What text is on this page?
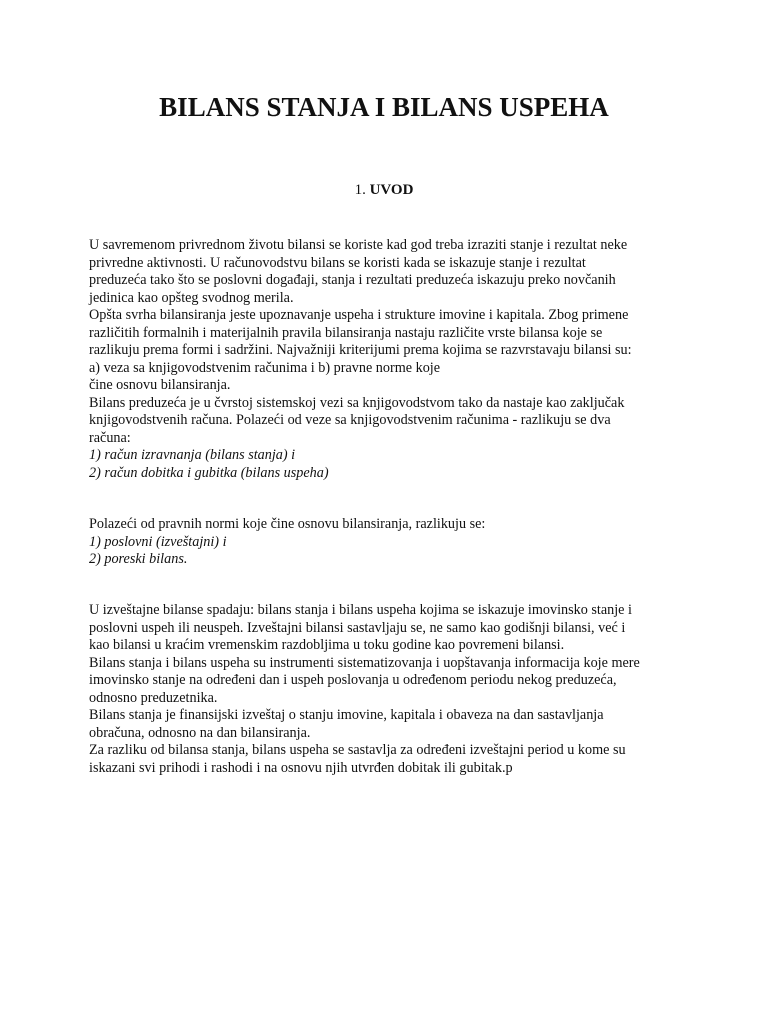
BILANS STANJA I BILANS USPEHA

1. UVOD

U savremenom privrednom životu bilansi se koriste kad god treba izraziti stanje i rezultat neke
privredne aktivnosti. U računovodstvu bilans se koristi kada se iskazuje stanje i rezultat
preduzeća tako što se poslovni događaji, stanja i rezultati preduzeća iskazuju preko novčanih
jedinica kao opšteg svodnog merila.
Opšta svrha bilansiranja jeste upoznavanje uspeha i strukture imovine i kapitala. Zbog primene
različitih formalnih i materijalnih pravila bilansiranja nastaju različite vrste bilansa koje se
razlikuju prema formi i sadržini. Najvažniji kriterijumi prema kojima se razvrstavaju bilansi su:
a) veza sa knjigovodstvenim računima i b) pravne norme koje
čine osnovu bilansiranja.
Bilans preduzeća je u čvrstoj sistemskoj vezi sa knjigovodstvom tako da nastaje kao zaključak
knjigovodstvenih računa. Polazeći od veze sa knjigovodstvenim računima - razlikuju se dva
računa:
1) račun izravnanja (bilans stanja) i
2) račun dobitka i gubitka (bilans uspeha)
Polazeći od pravnih normi koje čine osnovu bilansiranja, razlikuju se:
1) poslovni (izveštajni) i
2) poreski bilans.
U izveštajne bilanse spadaju: bilans stanja i bilans uspeha kojima se iskazuje imovinsko stanje i
poslovni uspeh ili neuspeh. Izveštajni bilansi sastavljaju se, ne samo kao godišnji bilansi, već i
kao bilansi u kraćim vremenskim razdobljima u toku godine kao povremeni bilansi.
Bilans stanja i bilans uspeha su instrumenti sistematizovanja i uopštavanja informacija koje mere
imovinsko stanje na određeni dan i uspeh poslovanja u određenom periodu nekog preduzeća,
odnosno preduzetnika.
Bilans stanja je finansijski izveštaj o stanju imovine, kapitala i obaveza na dan sastavljanja
obračuna, odnosno na dan bilansiranja.
Za razliku od bilansa stanja, bilans uspeha se sastavlja za određeni izveštajni period u kome su
iskazani svi prihodi i rashodi i na osnovu njih utvrđen dobitak ili gubitak.p
